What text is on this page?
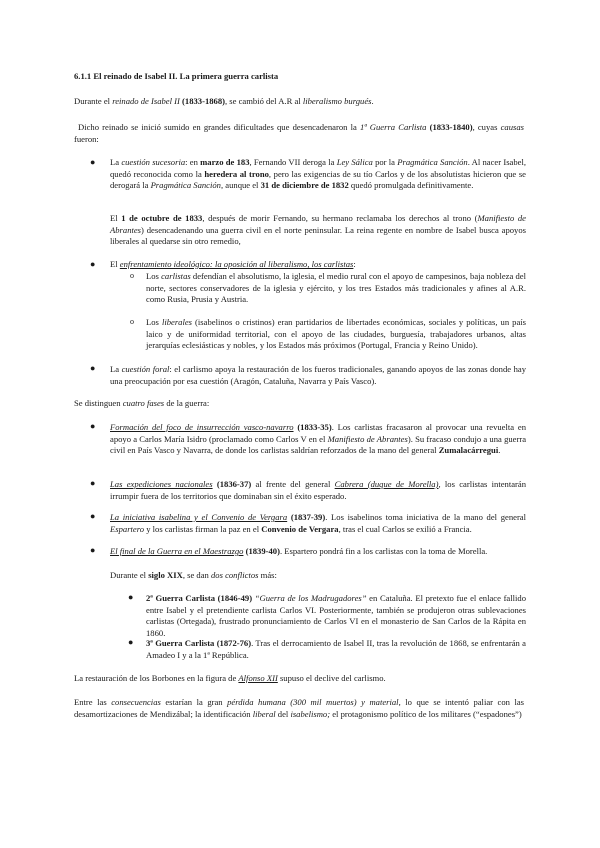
6.1.1 El reinado de Isabel II. La primera guerra carlista

Durante el reinado de Isabel II (1833-1868), se cambió del A.R al liberalismo burgués.

Dicho reinado se inició sumido en grandes dificultades que desencadenaron la 1ª Guerra Carlista (1833-1840), cuyas causas fueron:

● La cuestión sucesoria: en marzo de 183, Fernando VII deroga la Ley Sálica por la Pragmática Sanción. Al nacer Isabel, quedó reconocida como la heredera al trono, pero las exigencias de su tío Carlos y de los absolutistas hicieron que se derogará la Pragmática Sanción, aunque el 31 de diciembre de 1832 quedó promulgada definitivamente.

El 1 de octubre de 1833, después de morir Fernando, su hermano reclamaba los derechos al trono (Manifiesto de Abrantes) desencadenando una guerra civil en el norte peninsular. La reina regente en nombre de Isabel busca apoyos liberales al quedarse sin otro remedio,

● El enfrentamiento ideológico: la oposición al liberalismo, los carlistas:

o Los carlistas defendían el absolutismo, la iglesia, el medio rural con el apoyo de campesinos, baja nobleza del norte, sectores conservadores de la iglesia y ejército, y los tres Estados más tradicionales y afines al A.R. como Rusia, Prusia y Austria.

o Los liberales (isabelinos o cristinos) eran partidarios de libertades económicas, sociales y políticas, un país laico y de uniformidad territorial, con el apoyo de las ciudades, burguesía, trabajadores urbanos, altas jerarquías eclesiásticas y nobles, y los Estados más próximos (Portugal, Francia y Reino Unido).

● La cuestión foral: el carlismo apoya la restauración de los fueros tradicionales, ganando apoyos de las zonas donde hay una preocupación por esa cuestión (Aragón, Cataluña, Navarra y País Vasco).

Se distinguen cuatro fases de la guerra:

● Formación del foco de insurrección vasco-navarro (1833-35). Los carlistas fracasaron al provocar una revuelta en apoyo a Carlos María Isidro (proclamado como Carlos V en el Manifiesto de Abrantes). Su fracaso condujo a una guerra civil en País Vasco y Navarra, de donde los carlistas saldrían reforzados de la mano del general Zumalacárregui.

● Las expediciones nacionales (1836-37) al frente del general Cabrera (duque de Morella), los carlistas intentarán irrumpir fuera de los territorios que dominaban sin el éxito esperado.

● La iniciativa isabelina y el Convenio de Vergara (1837-39). Los isabelinos toma iniciativa de la mano del general Espartero y los carlistas firman la paz en el Convenio de Vergara, tras el cual Carlos se exilió a Francia.

● El final de la Guerra en el Maestrazgo (1839-40). Espartero pondrá fin a los carlistas con la toma de Morella.

Durante el siglo XIX, se dan dos conflictos más:

● 2ª Guerra Carlista (1846-49) “Guerra de los Madrugadores” en Cataluña. El pretexto fue el enlace fallido entre Isabel y el pretendiente carlista Carlos VI. Posteriormente, también se produjeron otras sublevaciones carlistas (Ortegada), frustrado pronunciamiento de Carlos VI en el monasterio de San Carlos de la Rápita en 1860.

● 3ª Guerra Carlista (1872-76). Tras el derrocamiento de Isabel II, tras la revolución de 1868, se enfrentarán a Amadeo I y a la 1ª República.

La restauración de los Borbones en la figura de Alfonso XII supuso el declive del carlismo.

Entre las consecuencias estarían la gran pérdida humana (300 mil muertos) y material, lo que se intentó paliar con las desamortizaciones de Mendizábal; la identificación liberal del isabelismo; el protagonismo político de los militares (“espadones”)
